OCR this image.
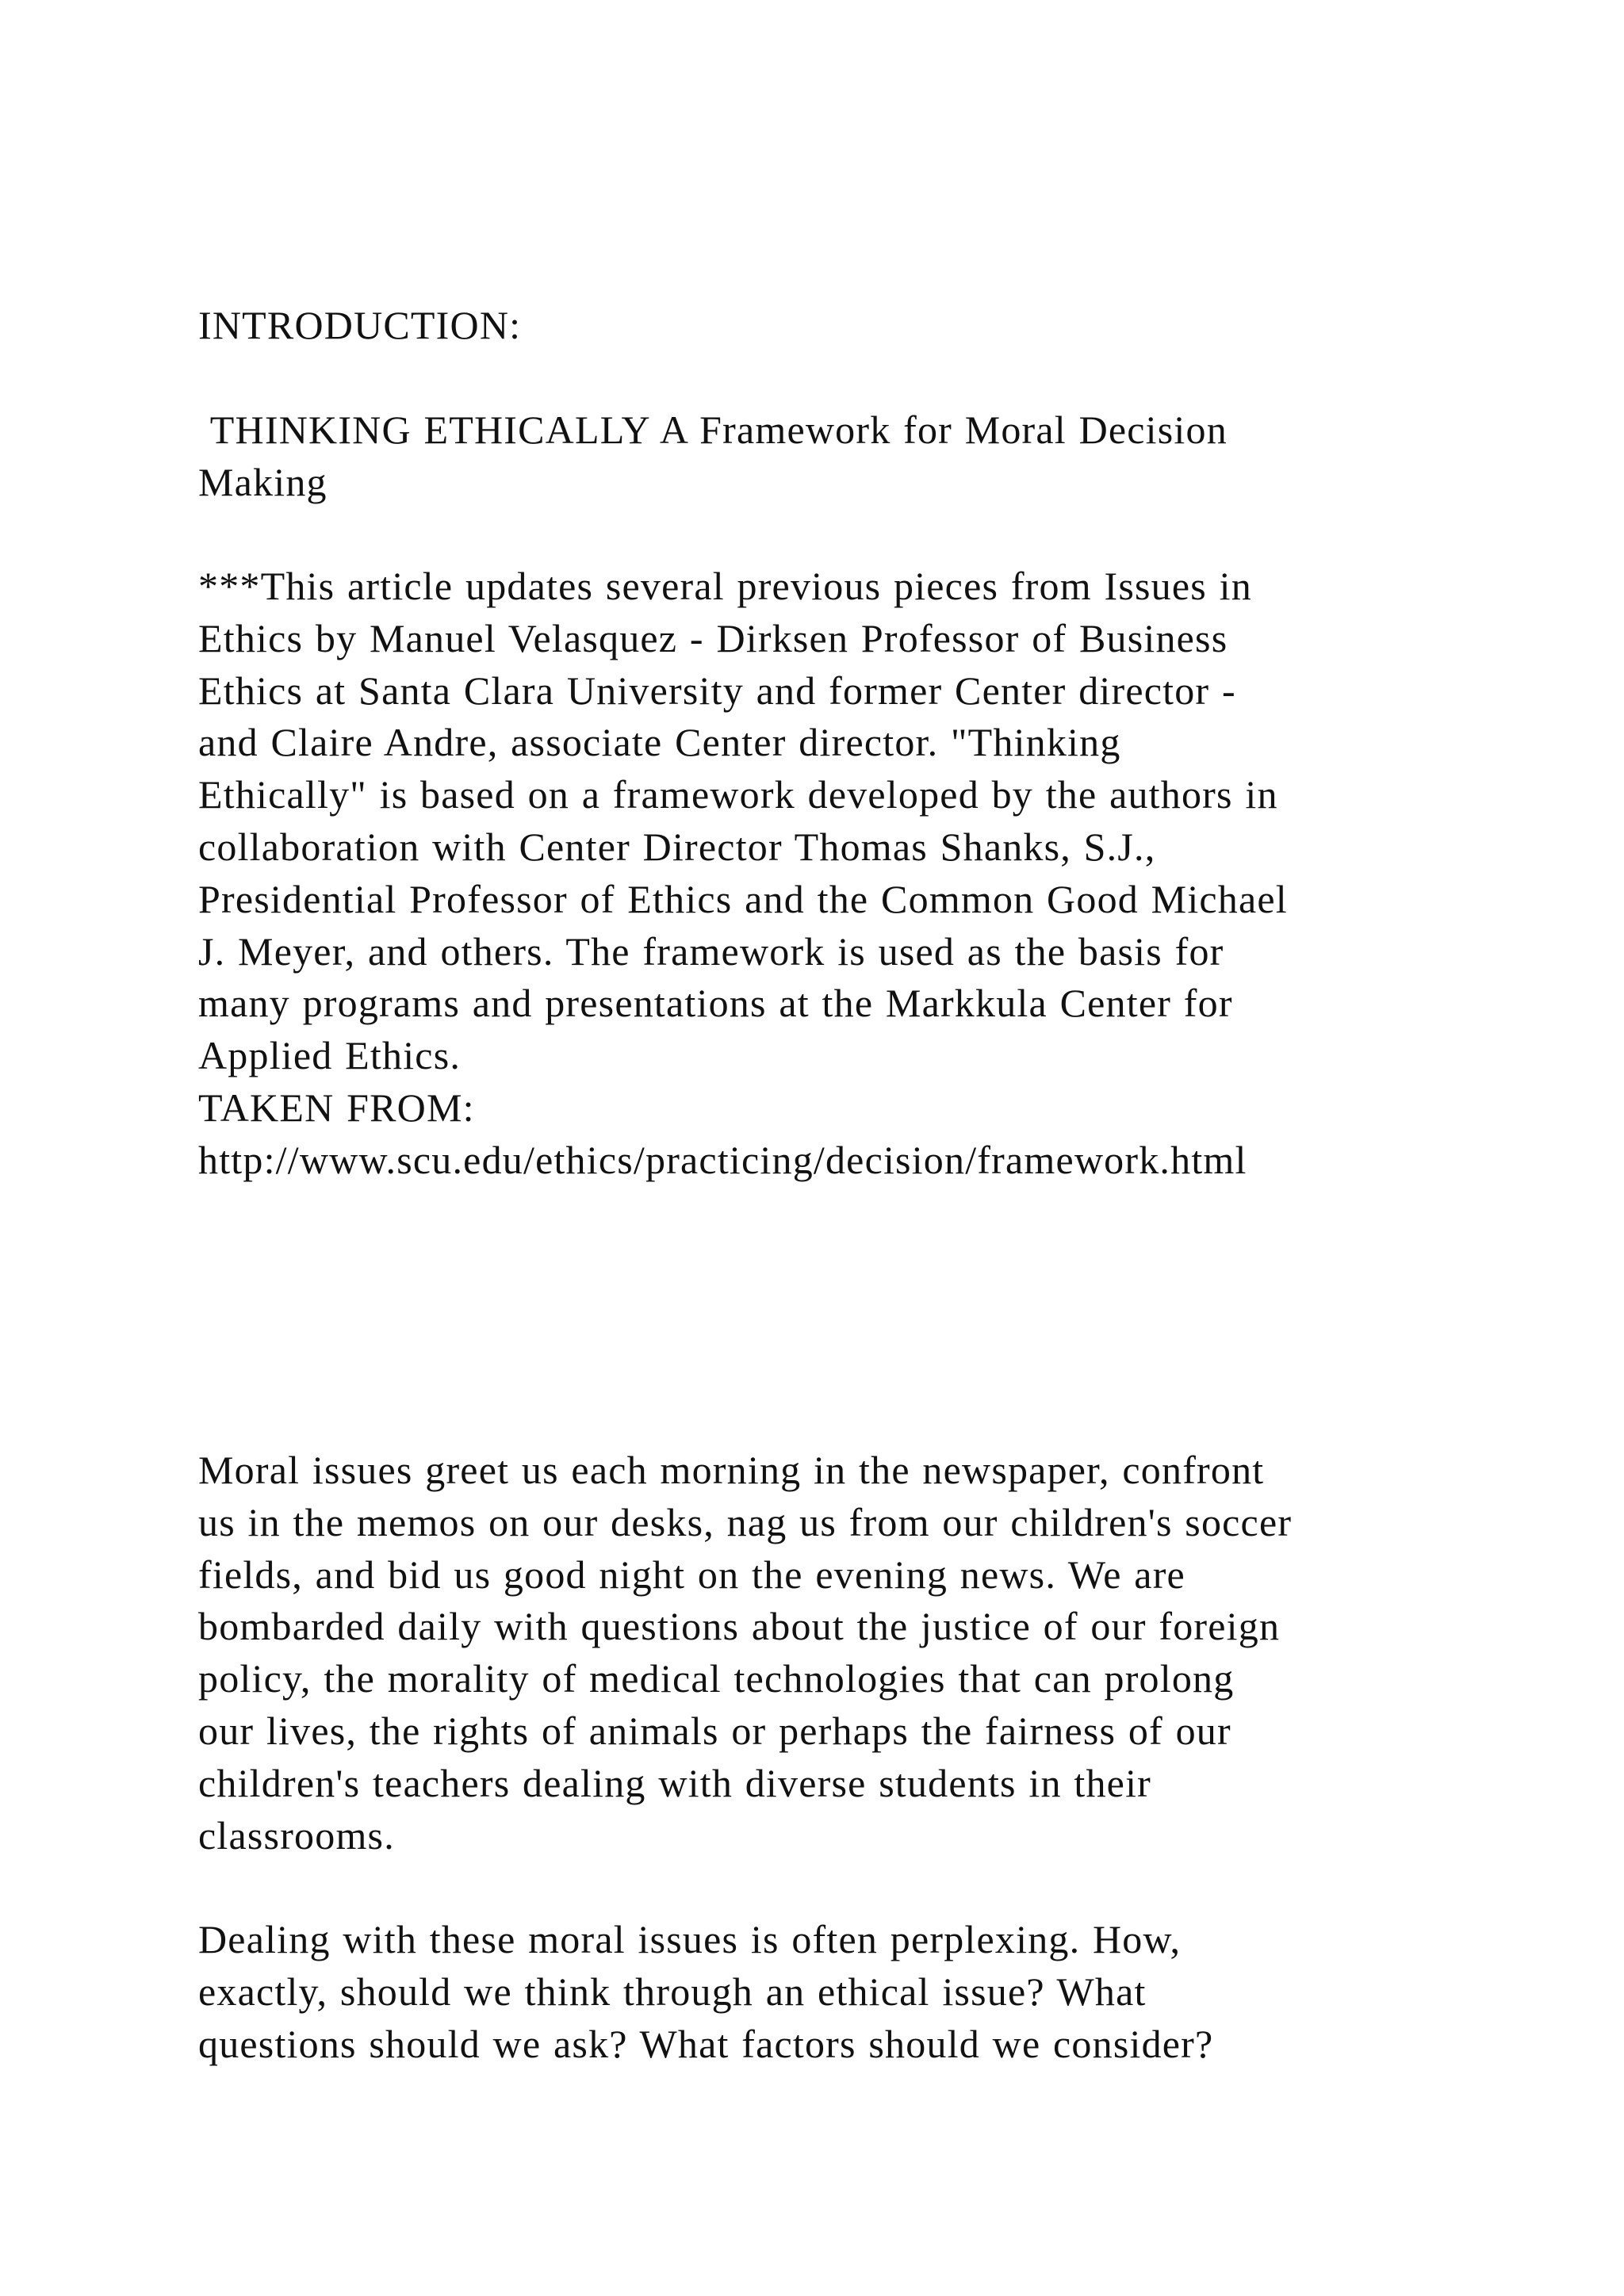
INTRODUCTION:
THINKING ETHICALLY A Framework for Moral Decision
Making
***This article updates several previous pieces from Issues in
Ethics by Manuel Velasquez - Dirksen Professor of Business
Ethics at Santa Clara University and former Center director -
and Claire Andre, associate Center director. "Thinking
Ethically" is based on a framework developed by the authors in
collaboration with Center Director Thomas Shanks, S.J.,
Presidential Professor of Ethics and the Common Good Michael
J. Meyer, and others. The framework is used as the basis for
many programs and presentations at the Markkula Center for
Applied Ethics.
TAKEN FROM:
http://www.scu.edu/ethics/practicing/decision/framework.html
Moral issues greet us each morning in the newspaper, confront
us in the memos on our desks, nag us from our children's soccer
fields, and bid us good night on the evening news. We are
bombarded daily with questions about the justice of our foreign
policy, the morality of medical technologies that can prolong
our lives, the rights of animals or perhaps the fairness of our
children's teachers dealing with diverse students in their
classrooms.
Dealing with these moral issues is often perplexing. How,
exactly, should we think through an ethical issue? What
questions should we ask? What factors should we consider?
